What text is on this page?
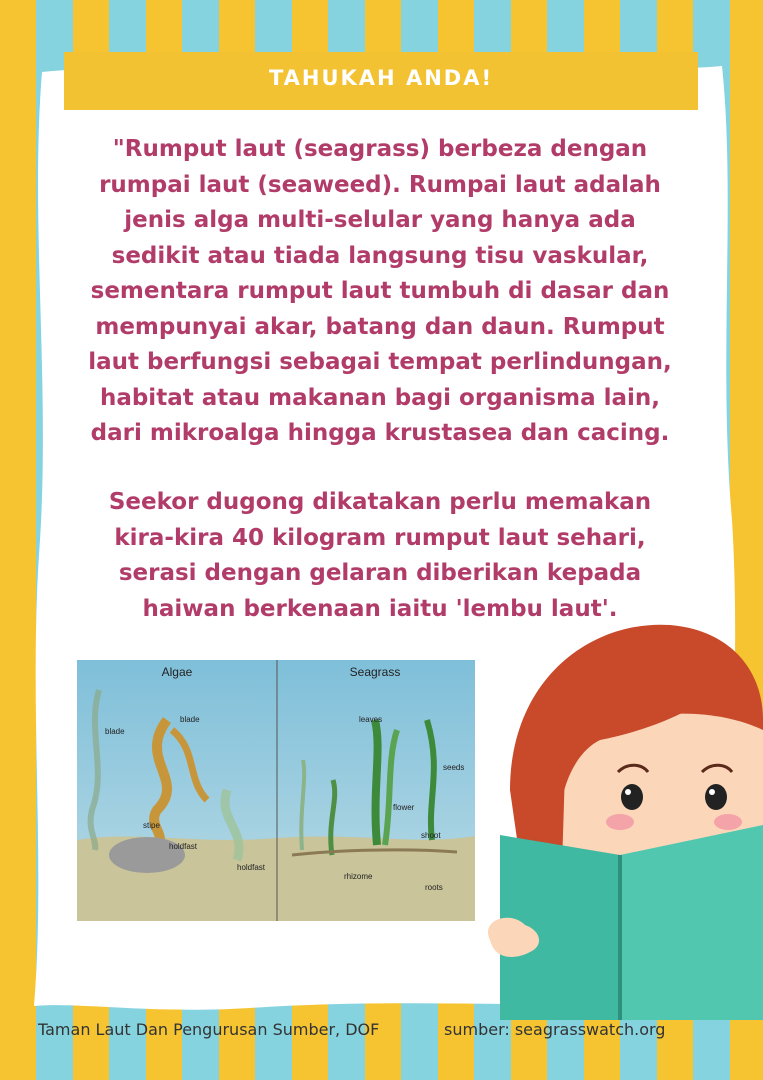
TAHUKAH ANDA!

"Rumput laut (seagrass) berbeza dengan rumpai laut (seaweed). Rumpai laut adalah jenis alga multi-selular yang hanya ada sedikit atau tiada langsung tisu vaskular, sementara rumput laut tumbuh di dasar dan mempunyai akar, batang dan daun. Rumput laut berfungsi sebagai tempat perlindungan, habitat atau makanan bagi organisma lain, dari mikroalga hingga krustasea dan cacing.

Seekor dugong dikatakan perlu memakan kira-kira 40 kilogram rumput laut sehari, serasi dengan gelaran diberikan kepada haiwan berkenaan iaitu 'lembu laut'.

Algae
blade
blade
stipe
holdfast
holdfast
Seagrass
leaves
seeds
flower
shoot
rhizome
roots
Taman Laut Dan Pengurusan Sumber, DOF	sumber: seagrasswatch.org
